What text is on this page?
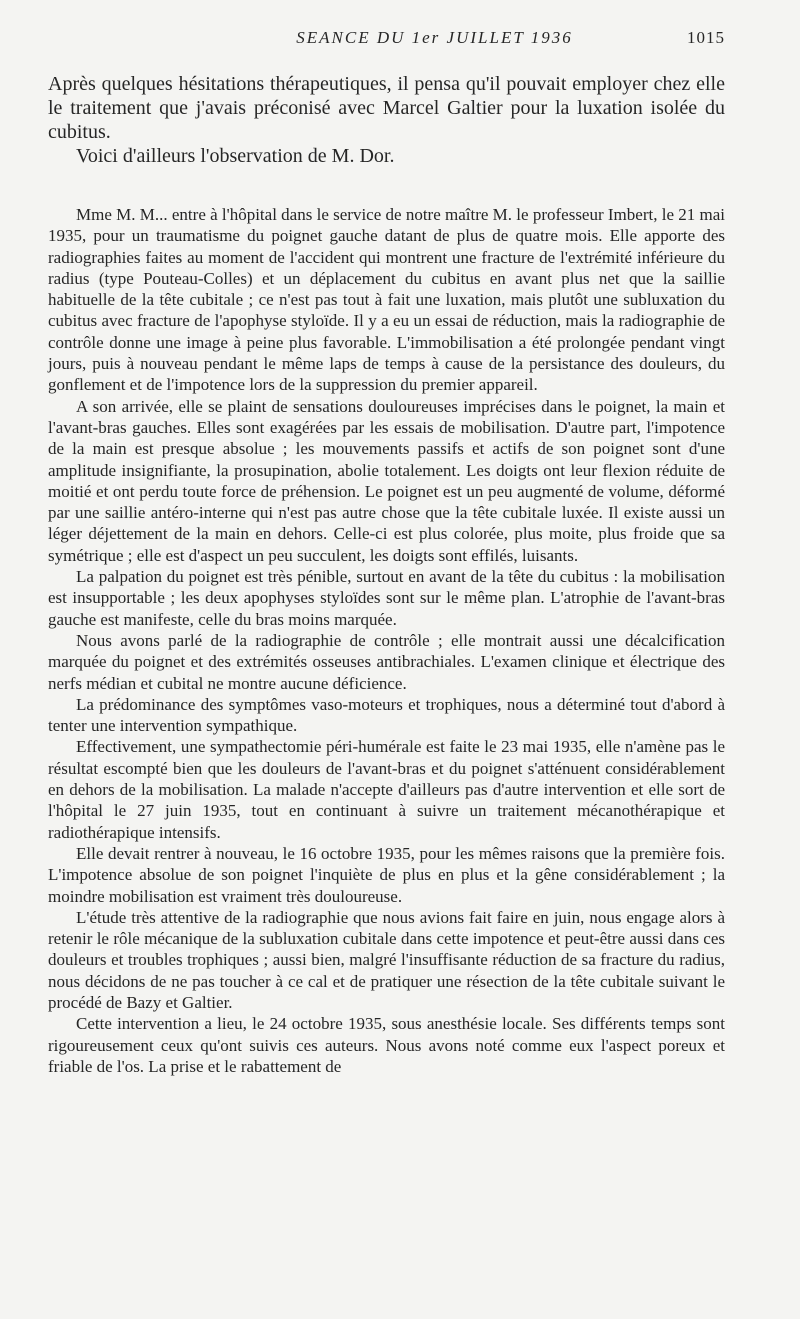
SEANCE DU 1er JUILLET 1936	1015

Après quelques hésitations thérapeutiques, il pensa qu'il pouvait employer chez elle le traitement que j'avais préconisé avec Marcel Galtier pour la luxation isolée du cubitus.

Voici d'ailleurs l'observation de M. Dor.

Mme M. M... entre à l'hôpital dans le service de notre maître M. le professeur Imbert, le 21 mai 1935, pour un traumatisme du poignet gauche datant de plus de quatre mois. Elle apporte des radiographies faites au moment de l'accident qui montrent une fracture de l'extrémité inférieure du radius (type Pouteau-Colles) et un déplacement du cubitus en avant plus net que la saillie habituelle de la tête cubitale ; ce n'est pas tout à fait une luxation, mais plutôt une subluxation du cubitus avec fracture de l'apophyse styloïde. Il y a eu un essai de réduction, mais la radiographie de contrôle donne une image à peine plus favorable. L'immobilisation a été prolongée pendant vingt jours, puis à nouveau pendant le même laps de temps à cause de la persistance des douleurs, du gonflement et de l'impotence lors de la suppression du premier appareil.

A son arrivée, elle se plaint de sensations douloureuses imprécises dans le poignet, la main et l'avant-bras gauches. Elles sont exagérées par les essais de mobilisation. D'autre part, l'impotence de la main est presque absolue ; les mouvements passifs et actifs de son poignet sont d'une amplitude insignifiante, la prosupination, abolie totalement. Les doigts ont leur flexion réduite de moitié et ont perdu toute force de préhension. Le poignet est un peu augmenté de volume, déformé par une saillie antéro-interne qui n'est pas autre chose que la tête cubitale luxée. Il existe aussi un léger déjettement de la main en dehors. Celle-ci est plus colorée, plus moite, plus froide que sa symétrique ; elle est d'aspect un peu succulent, les doigts sont effilés, luisants.

La palpation du poignet est très pénible, surtout en avant de la tête du cubitus : la mobilisation est insupportable ; les deux apophyses styloïdes sont sur le même plan. L'atrophie de l'avant-bras gauche est manifeste, celle du bras moins marquée.

Nous avons parlé de la radiographie de contrôle ; elle montrait aussi une décalcification marquée du poignet et des extrémités osseuses antibrachiales. L'examen clinique et électrique des nerfs médian et cubital ne montre aucune déficience.

La prédominance des symptômes vaso-moteurs et trophiques, nous a déterminé tout d'abord à tenter une intervention sympathique.

Effectivement, une sympathectomie péri-humérale est faite le 23 mai 1935, elle n'amène pas le résultat escompté bien que les douleurs de l'avant-bras et du poignet s'atténuent considérablement en dehors de la mobilisation. La malade n'accepte d'ailleurs pas d'autre intervention et elle sort de l'hôpital le 27 juin 1935, tout en continuant à suivre un traitement mécanothérapique et radiothérapique intensifs.

Elle devait rentrer à nouveau, le 16 octobre 1935, pour les mêmes raisons que la première fois. L'impotence absolue de son poignet l'inquiète de plus en plus et la gêne considérablement ; la moindre mobilisation est vraiment très douloureuse.

L'étude très attentive de la radiographie que nous avions fait faire en juin, nous engage alors à retenir le rôle mécanique de la subluxation cubitale dans cette impotence et peut-être aussi dans ces douleurs et troubles trophiques ; aussi bien, malgré l'insuffisante réduction de sa fracture du radius, nous décidons de ne pas toucher à ce cal et de pratiquer une résection de la tête cubitale suivant le procédé de Bazy et Galtier.

Cette intervention a lieu, le 24 octobre 1935, sous anesthésie locale. Ses différents temps sont rigoureusement ceux qu'ont suivis ces auteurs. Nous avons noté comme eux l'aspect poreux et friable de l'os. La prise et le rabattement de
